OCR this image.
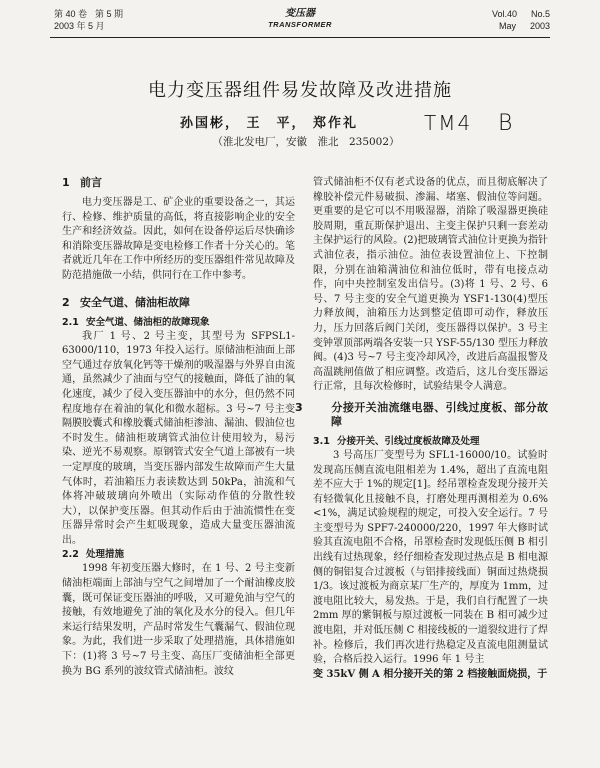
第 40 卷 第 5 期
2003 年 5 月
变压器
TRANSFORMER
Vol.40 No.5
May 2003
电力变压器组件易发故障及改进措施
孙国彬， 王　平， 郑作礼	TM4 B
（淮北发电厂，安徽　淮北　235002）
1 前言

电力变压器是工、矿企业的重要设备之一，其运行、检修、维护质量的高低，将直接影响企业的安全生产和经济效益。因此，如何在设备停运后尽快确诊和消除变压器故障是变电检修工作者十分关心的。笔者就近几年在工作中所经历的变压器组件常见故障及防范措施做一小结，供同行在工作中参考。

2 安全气道、储油柜故障
2.1 安全气道、储油柜的故障现象

我厂 1 号、2 号主变，其型号为 SFPSL1-63000/110，1973 年投入运行。原储油柜油面上部空气通过存放氧化钙等干燥剂的吸湿器与外界自由流通，虽然减少了油面与空气的接触面，降低了油的氧化速度，减少了侵入变压器油中的水分，但仍然不同程度地存在着油的氧化和微水超标。3 号~7 号主变隔膜胶囊式和橡胶囊式储油柜渗油、漏油、假油位也不时发生。储油柜玻璃管式油位计使用较为，易污染、逆光不易观察。原钢管式安全气道上部被有一块一定厚度的玻璃，当变压器内部发生故障而产生大量气体时，若油箱压力表读数达到 50kPa，油流和气体将冲破玻璃向外喷出（实际动作值的分散性较大），以保护变压器。但其动作后由于油流惯性在变压器异常时会产生虹吸现象，造成大量变压器油流出。

2.2 处理措施

1998 年初变压器大修时，在 1 号、2 号主变新储油柜端面上部油与空气之间增加了一个耐油橡皮胶囊，既可保证变压器油的呼吸，又可避免油与空气的接触，有效地避免了油的氧化及水分的侵入。但几年来运行结果发明，产品时常发生气囊漏气、假油位现象。为此，我们进一步采取了处理措施，具体措施如下：(1)将 3 号~7 号主变、高压厂变储油柜全部更换为 BG 系列的波纹管式储油柜。波纹

管式储油柜不仅有老式设备的优点，而且彻底解决了橡胶补偿元件易破损、渗漏、堵塞、假油位等问题。更重要的是它可以不用吸湿器，消除了吸湿器更换硅胶周期，重瓦斯保护退出、主变主保护只剩一套差动主保护运行的风险。(2)把玻璃管式油位计更换为指针式油位表，指示油位。油位表设置油位上、下控制限，分别在油箱满油位和油位低时，带有电接点动作，向中央控制室发出信号。(3)将 1 号、2 号、6 号、7 号主变的安全气道更换为 YSF1-130(4)型压力释放阀，油箱压力达到整定值即可动作，释放压力，压力回落后阀门关闭，变压器得以保护。3 号主变钟罩顶部两端各安装一只 YSF-55/130 型压力释放阀。(4)3 号~7 号主变冷却风冷，改进后高温报警及高温跳闸值做了相应调整。改造后，这儿台变压器运行正常，且每次检修时，试验结果令人满意。

3	分接开关油流继电器、引线过度板、部分故障
3.1 分接开关、引线过度板故障及处理

3 号高压厂变型号为 SFL1-16000/10。试验时发现高压侧直流电阻相差为 1.4%，超出了直流电阻差不应大于 1%的规定[1]。经吊罩检查发现分接开关有轻微氧化且接触不良，打磨处理再测相差为 0.6% <1%，满足试验规程的规定，可投入安全运行。7 号主变型号为 SPF7-240000/220，1997 年大修时试验其直流电阻不合格，吊罩检查时发现低压侧 B 相引出线有过热现象，经仔细检查发现过热点是 B 相电源侧的铜铝复合过渡板（与铝排接线面）铜面过热烧损 1/3。该过渡板为商京某厂生产的，厚度为 1mm，过渡电阻比较大，易发热。于是，我们自行配置了一块 2mm 厚的紫铜板与原过渡板一同装在 B 相可减少过渡电阻，并对低压侧 C 相接线板的一道裂纹进行了焊补。检修后，我们再次进行热稳定及直流电阻测量试验，合格后投入运行。1996 年 1 号主

变 35kV 侧 A 相分接开关的第 2 档接触面烧损，于
